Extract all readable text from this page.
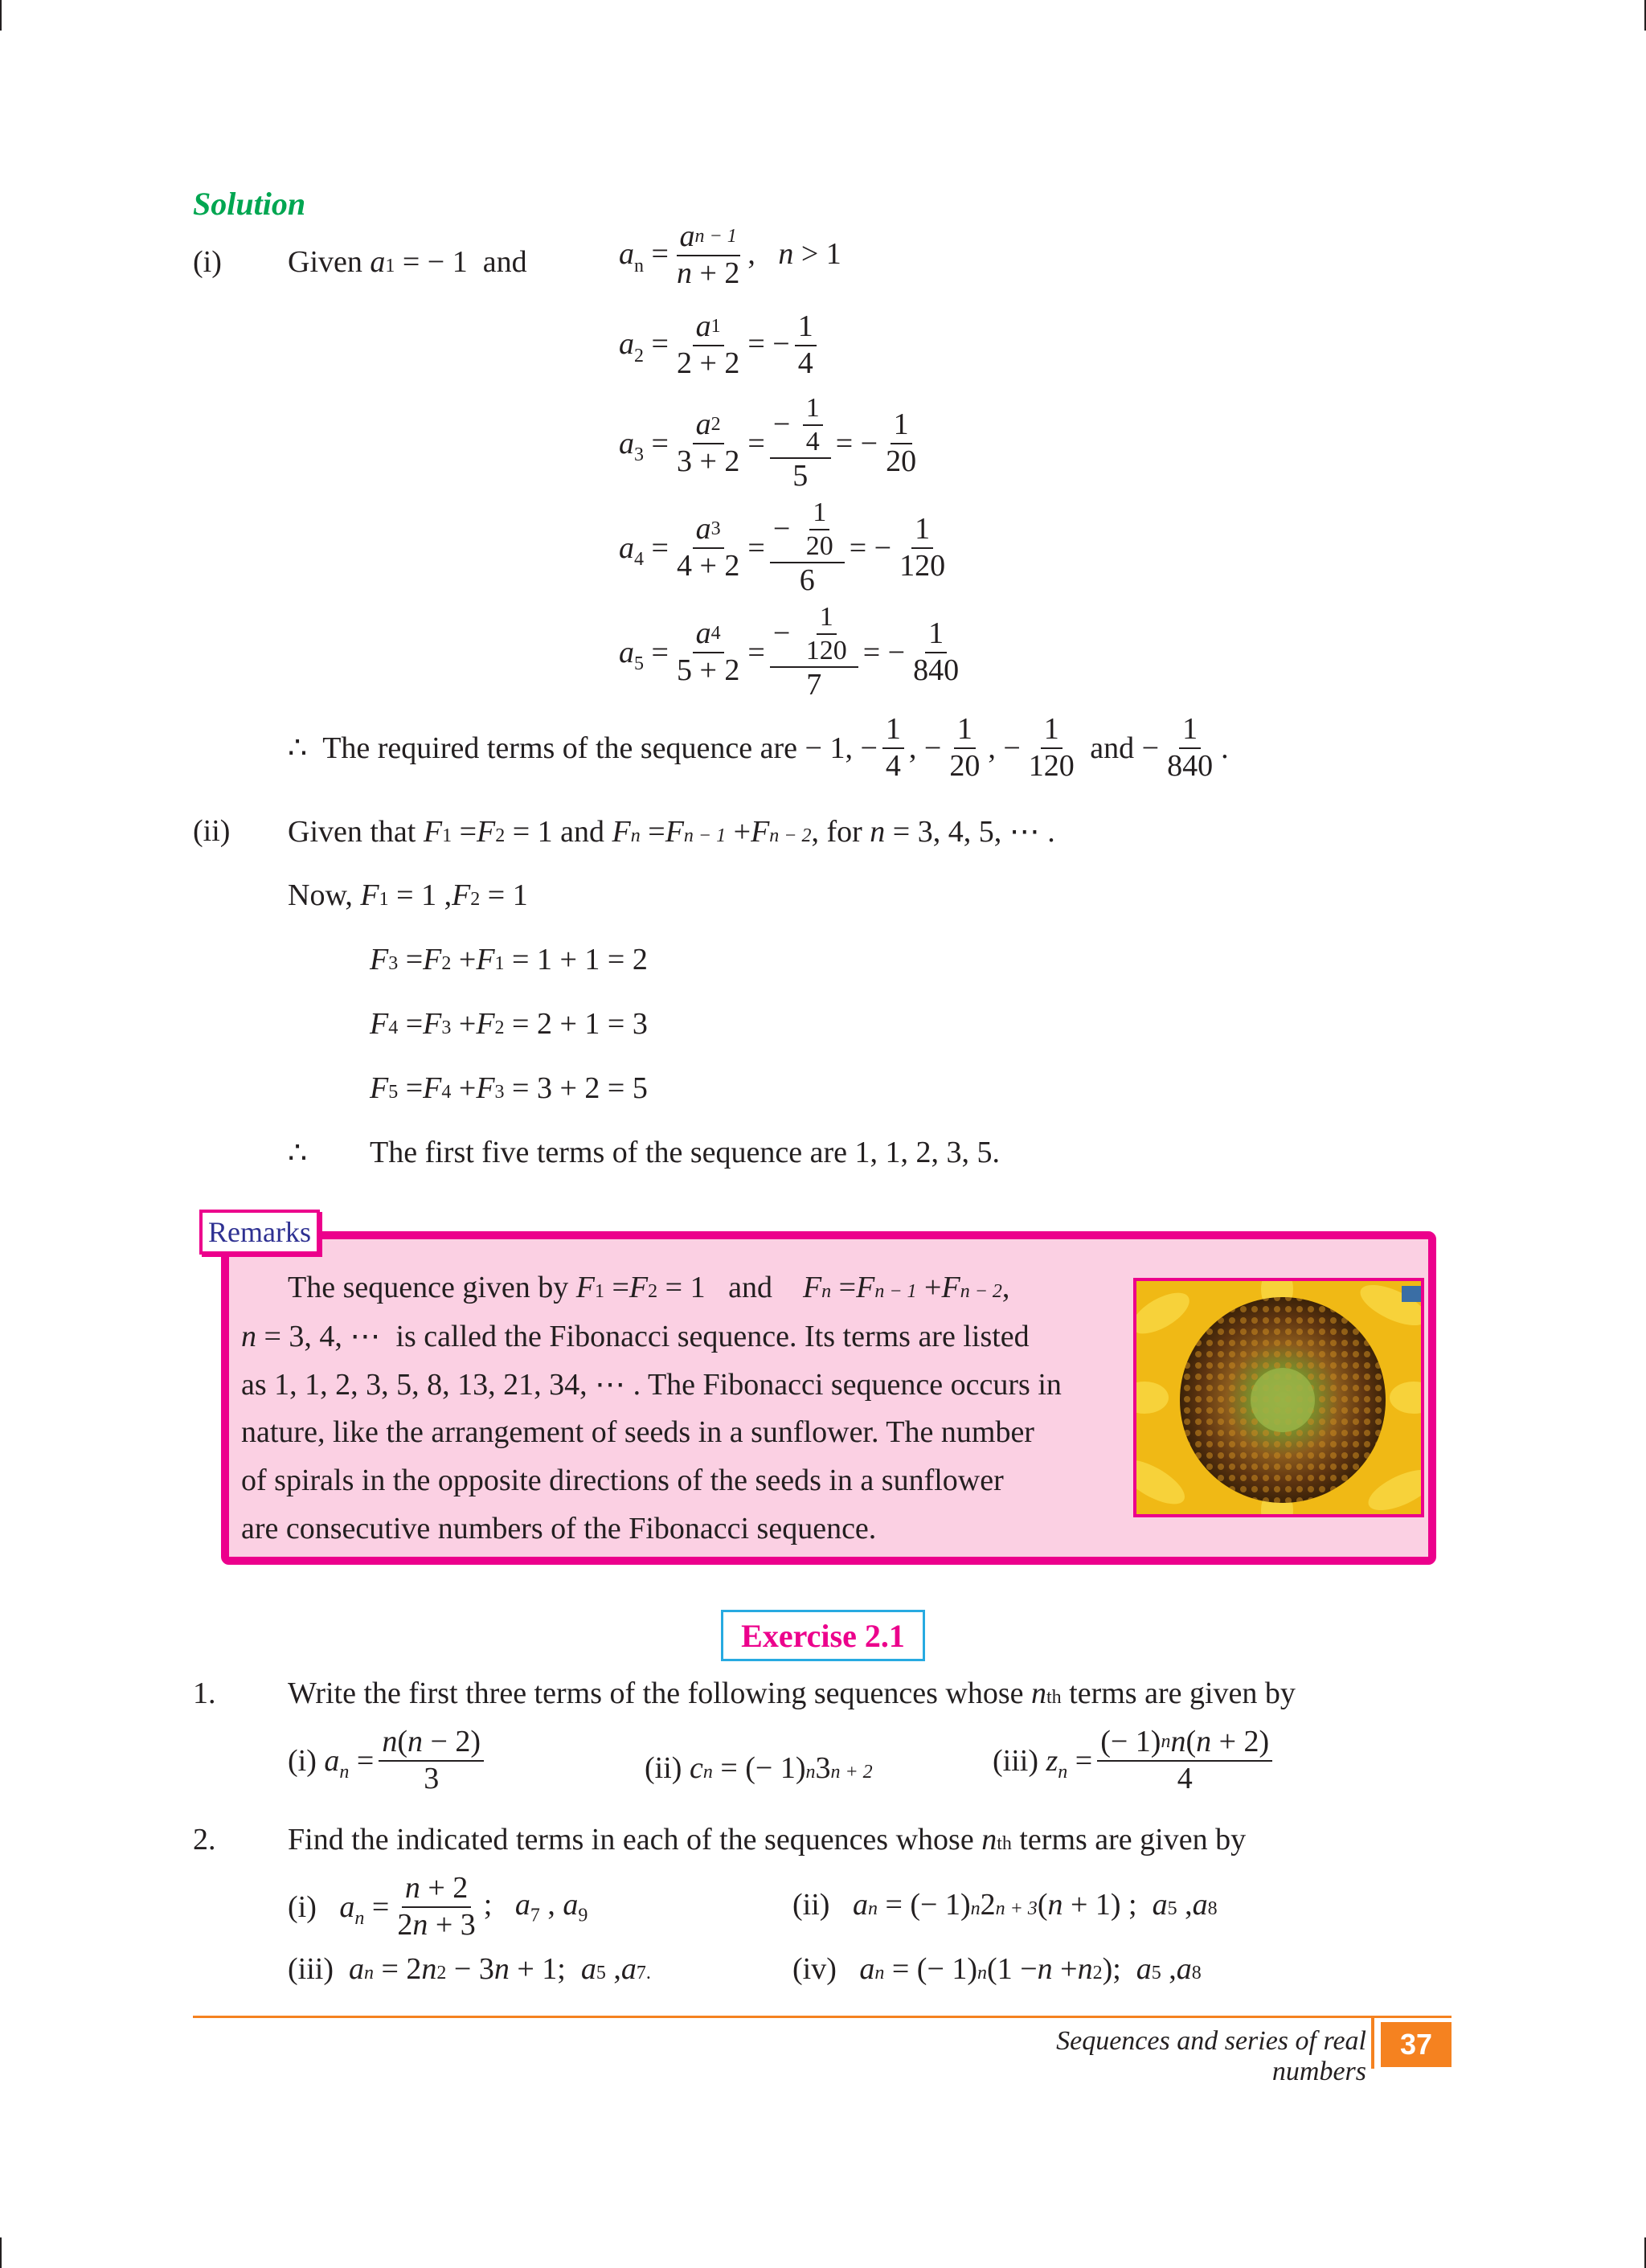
Solution
(i) Given
a 1 = − 1 and	$a_n$
= $\frac{\text{a n − 1}}{n + 2}$ ,   n > 1
$a_2$
= $\frac{a 1}{2 + 2}$ = − $\frac{1}{4}$
$a_3$
= $\frac{a 2}{3 + 2} = \frac{- \frac{1}{4}}{5}$ = − $\frac{1}{20}$
$a_4$
= $\frac{a 3}{4 + 2} = \frac{- \frac{1}{20}}{6}$ = − $\frac{1}{120}$
$a_5$
= $\frac{a 4}{5 + 2} = \frac{- \frac{1}{120}}{7}$ = − $\frac{1}{840}$
∴ The required terms of the sequence are − 1, − $\frac{1}{4}$ , − $\frac{1}{20}$ , − $\frac{1}{120}$
and − $\frac{1}{840}$ .
(ii) Given that
F 1 = F 2 = 1 and
F n = F n − 1 + F n − 2 , for
n = 3, 4, 5, ⋯ .
Now,
F 1 = 1 , F 2 = 1
F 3 = F 2 + F 1 = 1 + 1 = 2
F 4 = F 3 + F 2 = 2 + 1 = 3
F 5 = F 4 + F 3 = 3 + 2 = 5
∴ The first five terms of the sequence are 1, 1, 2, 3, 5.
Remarks
The sequence given by
F 1 = F 2 = 1 and
F n = F n − 1 + F n − 2 ,
n = 3, 4, ⋯ is called the Fibonacci sequence. Its terms are listed
as 1, 1, 2, 3, 5, 8, 13, 21, 34, ⋯ . The Fibonacci sequence occurs in
nature, like the arrangement of seeds in a sunflower. The number
of spirals in the opposite directions of the seeds in a sunflower
are consecutive numbers of the Fibonacci sequence.
Exercise 2.1
1. Write the first three terms of the following sequences whose
n th
terms are given by
(i) $a_n = \frac{n ( n - 2)}{3}$	(ii)
c n = (− 1) n 3 n + 2	(iii) $z_n = \frac{\text{(− 1) n n ( n + 2)}}{4}$
2. Find the indicated terms in each of the sequences whose
n th
terms are given by
(i) $a_n = \frac{n + 2}{2 n + 3}$ ;   $a_7$ , $a_9$	(ii)
a n = (− 1) n 2 n + 3 ( n + 1) ; a 5 , a 8
(iii)
a n = 2 n 2 − 3 n + 1; a 5 , a 7.	(iv)
a n = (− 1) n (1 − n + n 2 ); a 5 , a 8
Sequences and series of real numbers
37
